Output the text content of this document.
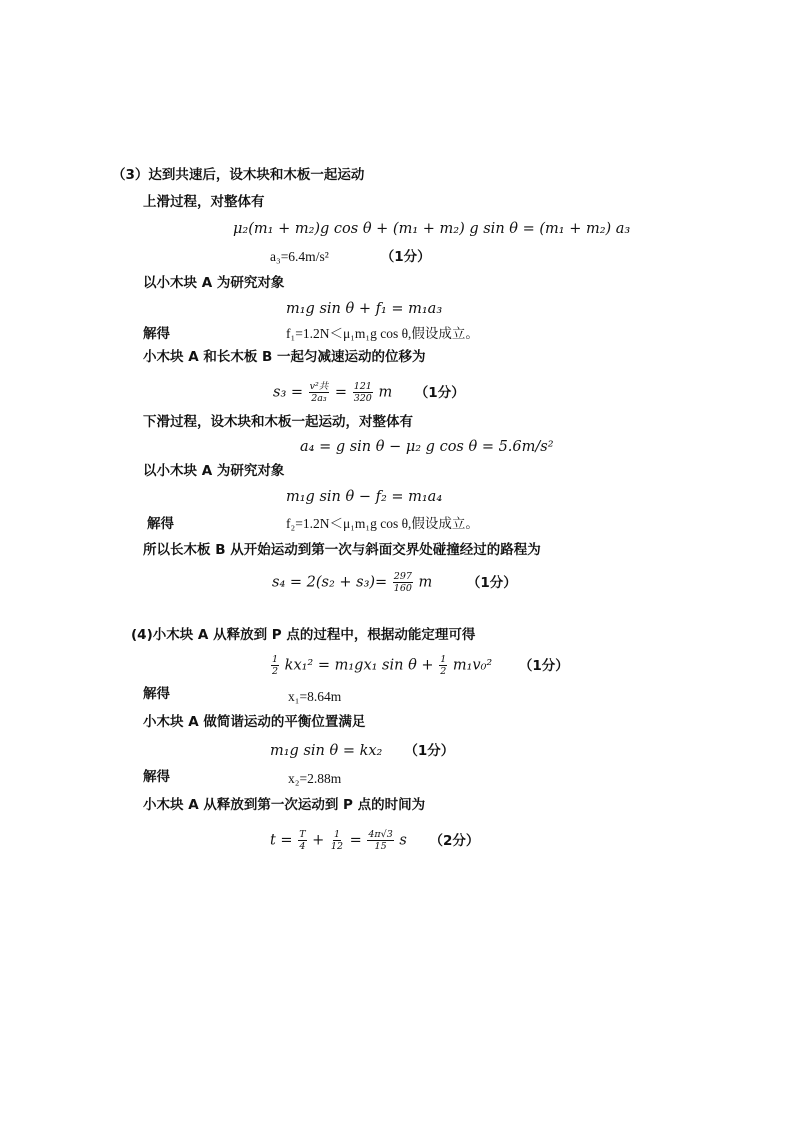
（3）达到共速后，设木块和木板一起运动
上滑过程，对整体有
μ₂(m₁ + m₂)g cos θ + (m₁ + m₂) g sin θ = (m₁ + m₂) a₃
a₃=6.4m/s²	（1分）
以小木块 A 为研究对象
m₁g sin θ + f₁ = m₁a₃
解得	f₁=1.2N＜μ₁m₁g cos θ,假设成立。
小木块 A 和长木板 B 一起匀减速运动的位移为
$s_3 = \frac{\text{v²共}}{\text{2a₃}} = \frac{121}{320}$ m （1分）
下滑过程，设木块和木板一起运动，对整体有
a₄ = g sin θ − μ₂ g cos θ = 5.6m/s²
以小木块 A 为研究对象
m₁g sin θ − f₂ = m₁a₄
解得	f₂=1.2N＜μ₁m₁g cos θ,假设成立。
所以长木板 B 从开始运动到第一次与斜面交界处碰撞经过的路程为
$s_4 = 2(s_2 + s_3)= \frac{297}{160}$ m	（1分）
(4)小木块 A 从释放到 P 点的过程中，根据动能定理可得
$\frac{1}{2} kx_1^2 = m_1gx_1$ $\sin \theta + \frac{1}{2} m_1v_0^2$ （1分）
解得	x₁=8.64m
小木块 A 做简谐运动的平衡位置满足
m₁g sin θ = kx₂ （1分）
解得	x₂=2.88m
小木块 A 从释放到第一次运动到 P 点的时间为
$t = \frac{T}{4} + \frac{1}{12} = \frac{4\pi√3}{15}$ s （2分）
